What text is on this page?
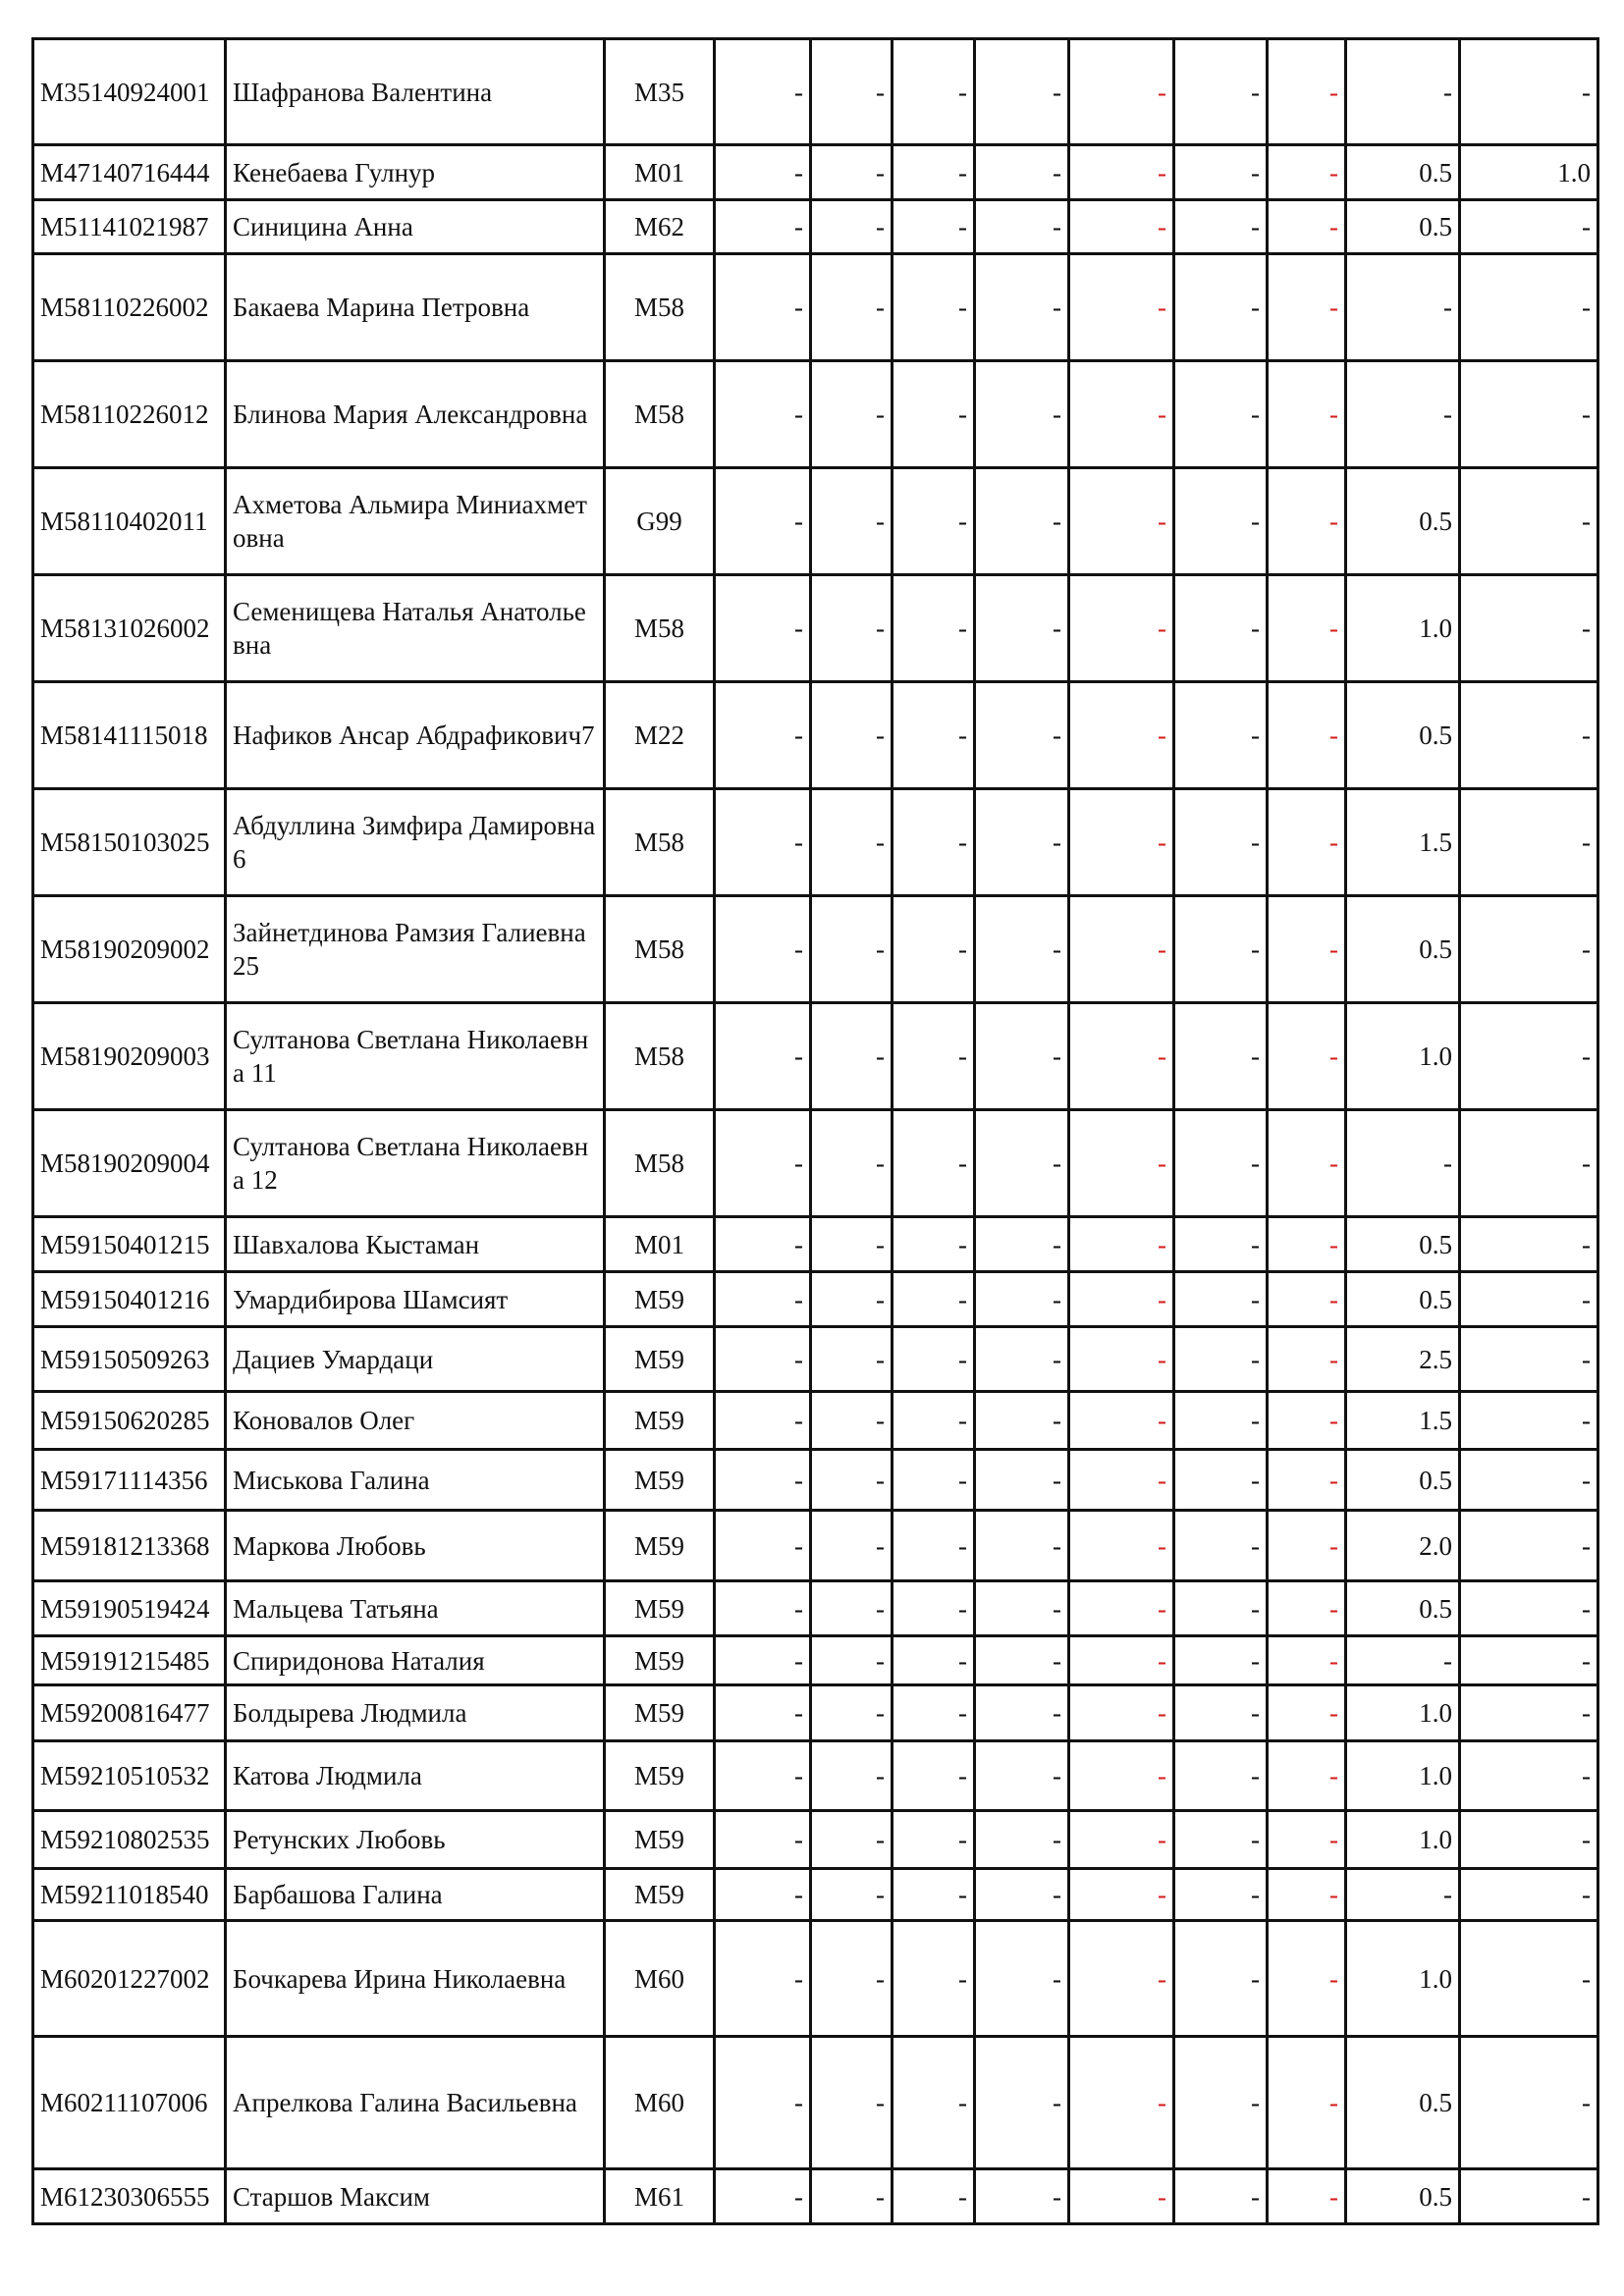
M35140924001	Шафранова Валентина	M35	-	-	-	-	-	-	-	-	-
M47140716444	Кенебаева Гулнур	M01	-	-	-	-	-	-	-	0.5	1.0
M51141021987	Синицина Анна	M62	-	-	-	-	-	-	-	0.5	-
M58110226002	Бакаева Марина Петровна	M58	-	-	-	-	-	-	-	-	-
M58110226012	Блинова Мария Александровна	M58	-	-	-	-	-	-	-	-	-
M58110402011	Ахметова Альмира Миниахметовна	G99	-	-	-	-	-	-	-	0.5	-
M58131026002	Семенищева Наталья Анатольевна	M58	-	-	-	-	-	-	-	1.0	-
M58141115018	Нафиков Ансар Абдрафикович7	M22	-	-	-	-	-	-	-	0.5	-
M58150103025	Абдуллина Зимфира Дамировна 6	M58	-	-	-	-	-	-	-	1.5	-
M58190209002	Зайнетдинова Рамзия Галиевна 25	M58	-	-	-	-	-	-	-	0.5	-
M58190209003	Султанова Светлана Николаевна 11	M58	-	-	-	-	-	-	-	1.0	-
M58190209004	Султанова Светлана Николаевна 12	M58	-	-	-	-	-	-	-	-	-
M59150401215	Шавхалова Кыстаман	M01	-	-	-	-	-	-	-	0.5	-
M59150401216	Умардибирова Шамсият	M59	-	-	-	-	-	-	-	0.5	-
M59150509263	Дациев Умардаци	M59	-	-	-	-	-	-	-	2.5	-
M59150620285	Коновалов Олег	M59	-	-	-	-	-	-	-	1.5	-
M59171114356	Миськова Галина	M59	-	-	-	-	-	-	-	0.5	-
M59181213368	Маркова Любовь	M59	-	-	-	-	-	-	-	2.0	-
M59190519424	Мальцева Татьяна	M59	-	-	-	-	-	-	-	0.5	-
M59191215485	Спиридонова Наталия	M59	-	-	-	-	-	-	-	-	-
M59200816477	Болдырева Людмила	M59	-	-	-	-	-	-	-	1.0	-
M59210510532	Катова Людмила	M59	-	-	-	-	-	-	-	1.0	-
M59210802535	Ретунских Любовь	M59	-	-	-	-	-	-	-	1.0	-
M59211018540	Барбашова Галина	M59	-	-	-	-	-	-	-	-	-
M60201227002	Бочкарева Ирина Николаевна	M60	-	-	-	-	-	-	-	1.0	-
M60211107006	Апрелкова Галина Васильевна	M60	-	-	-	-	-	-	-	0.5	-
M61230306555	Старшов Максим	M61	-	-	-	-	-	-	-	0.5	-
